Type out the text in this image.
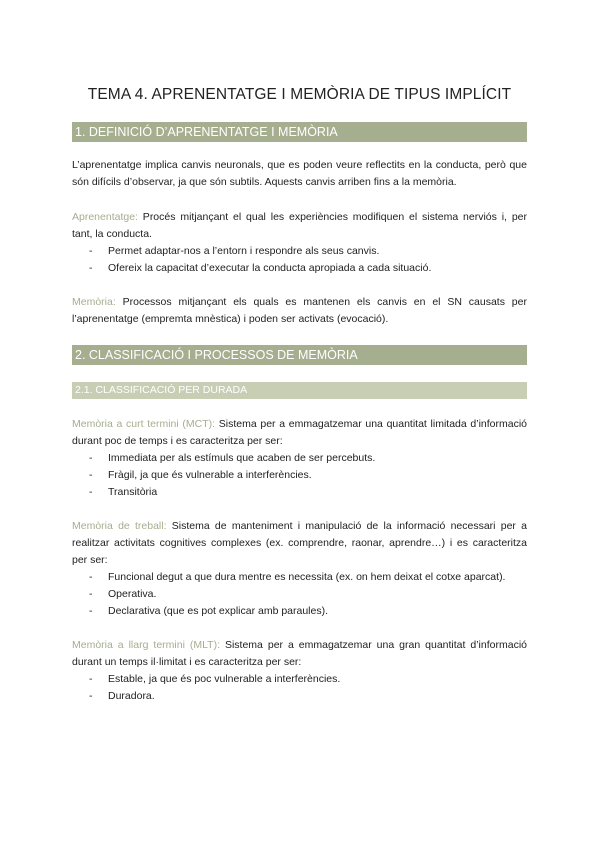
TEMA 4. APRENENTATGE I MEMÒRIA DE TIPUS IMPLÍCIT
1. DEFINICIÓ D’APRENENTATGE I MEMÒRIA
L’aprenentatge implica canvis neuronals, que es poden veure reflectits en la conducta, però que són difícils d’observar, ja que són subtils. Aquests canvis arriben fins a la memòria.
Aprenentatge: Procés mitjançant el qual les experiències modifiquen el sistema nerviós i, per tant, la conducta.
- Permet adaptar-nos a l’entorn i respondre als seus canvis.
- Ofereix la capacitat d’executar la conducta apropiada a cada situació.
Memòria: Processos mitjançant els quals es mantenen els canvis en el SN causats per l’aprenentatge (empremta mnèstica) i poden ser activats (evocació).
2. CLASSIFICACIÓ I PROCESSOS DE MEMÒRIA
2.1. CLASSIFICACIÓ PER DURADA
Memòria a curt termini (MCT): Sistema per a emmagatzemar una quantitat limitada d’informació durant poc de temps i es caracteritza per ser:
- Immediata per als estímuls que acaben de ser percebuts.
- Fràgil, ja que és vulnerable a interferències.
- Transitòria
Memòria de treball: Sistema de manteniment i manipulació de la informació necessari per a realitzar activitats cognitives complexes (ex. comprendre, raonar, aprendre…) i es caracteritza per ser:
- Funcional degut a que dura mentre es necessita (ex. on hem deixat el cotxe aparcat).
- Operativa.
- Declarativa (que es pot explicar amb paraules).
Memòria a llarg termini (MLT): Sistema per a emmagatzemar una gran quantitat d’informació durant un temps il·limitat i es caracteritza per ser:
- Estable, ja que és poc vulnerable a interferències.
- Duradora.
